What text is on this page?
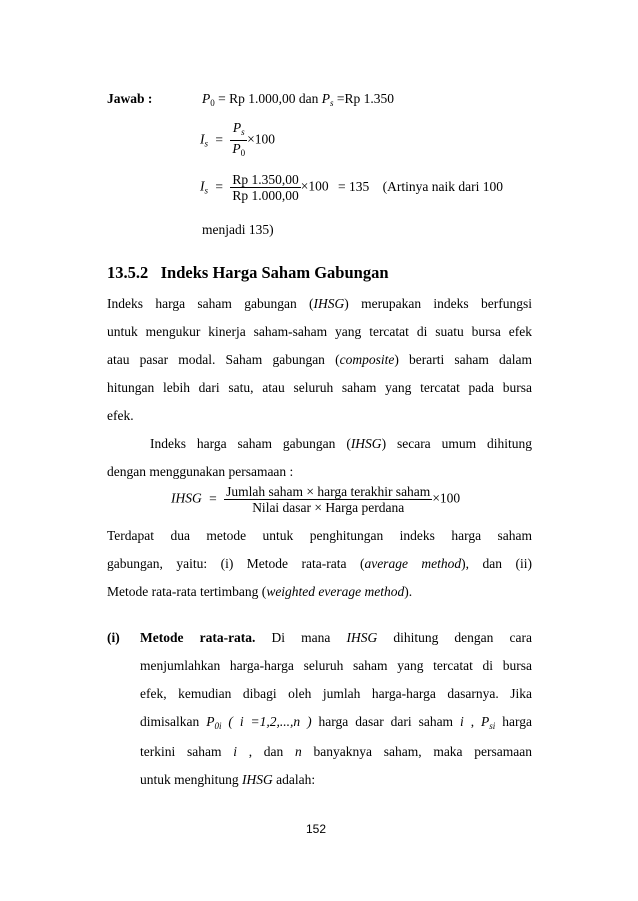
Jawab :	$P_0 = Rp$ 1.000,00 dan $P_s =Rp$ 1.350
$I_s = \frac{P_s}{P_0} \times 100$
$I_s = \frac{Rp 1.350,00}{Rp 1.000,00} \times 100 = 135$ (Artinya naik dari 100
menjadi 135)
13.5.2 Indeks Harga Saham Gabungan
Indeks harga saham gabungan (IHSG) merupakan indeks berfungsi
untuk mengukur kinerja saham-saham yang tercatat di suatu bursa efek
atau pasar modal. Saham gabungan (composite) berarti saham dalam
hitungan lebih dari satu, atau seluruh saham yang tercatat pada bursa
efek.
Indeks harga saham gabungan (IHSG) secara umum dihitung
dengan menggunakan persamaan :
IHSG = $\frac{\text{Jumlah saham × harga terakhir saham}}{\text{Nilai dasar × Harga perdana}} \times 100$
Terdapat dua metode untuk penghitungan indeks harga saham
gabungan, yaitu: (i) Metode rata-rata (average method), dan (ii)
Metode rata-rata tertimbang (weighted everage method).
(i) Metode rata-rata. Di mana IHSG dihitung dengan cara
menjumlahkan harga-harga seluruh saham yang tercatat di bursa
efek, kemudian dibagi oleh jumlah harga-harga dasarnya. Jika
dimisalkan $P_{0i}$ ( i =1,2,...,n ) harga dasar dari saham i , $P_{si}$ harga
terkini saham i , dan n banyaknya saham, maka persamaan
untuk menghitung IHSG adalah:
152
